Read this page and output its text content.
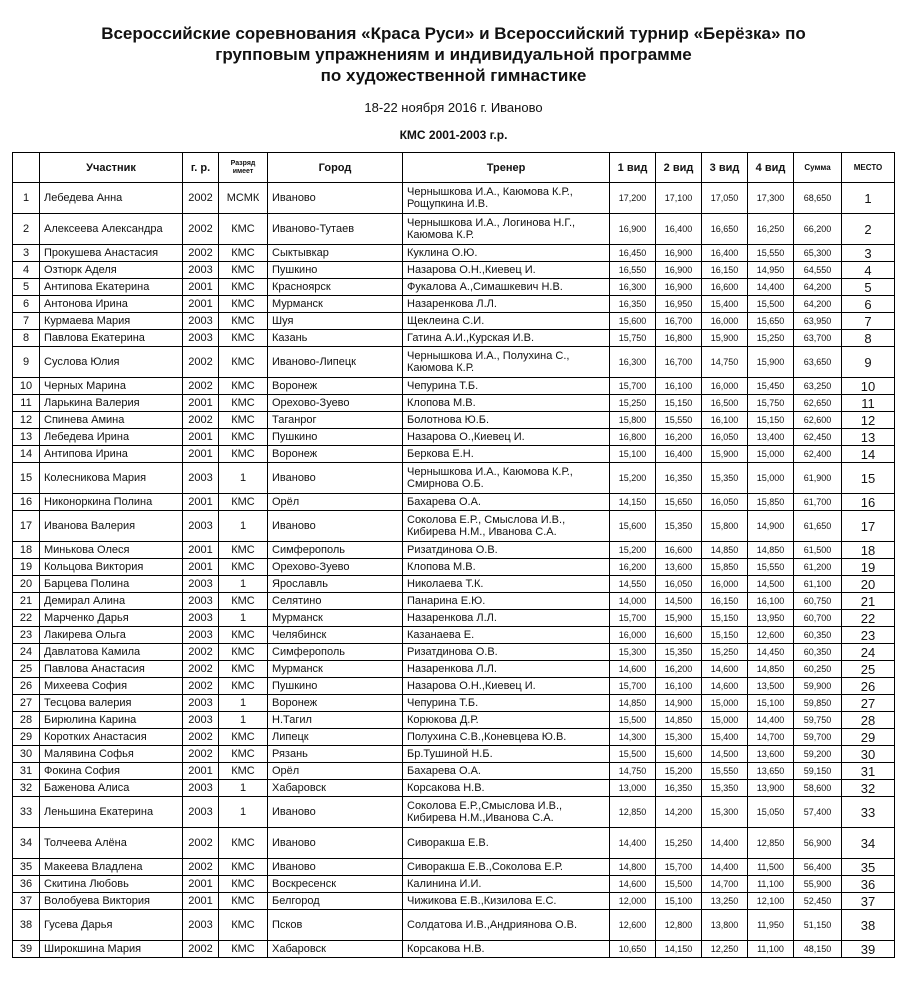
Всероссийские соревнования «Краса Руси» и Всероссийский турнир «Берёзка» по
групповым упражнениям и индивидуальной программе
по художественной гимнастике
18-22 ноября 2016 г. Иваново
КМС 2001-2003 г.р.
	Участник	г. р.	Разряд имеет	Город	Тренер	1 вид	2 вид	3 вид	4 вид	Сумма	МЕСТО
1	Лебедева Анна	2002	МСМК	Иваново	Чернышкова И.А., Каюмова К.Р., Рощупкина И.В.	17,200	17,100	17,050	17,300	68,650	1
2	Алексеева Александра	2002	КМС	Иваново-Тутаев	Чернышкова И.А., Логинова Н.Г., Каюмова К.Р.	16,900	16,400	16,650	16,250	66,200	2
3	Прокушева Анастасия	2002	КМС	Сыктывкар	Куклина О.Ю.	16,450	16,900	16,400	15,550	65,300	3
4	Озтюрк Аделя	2003	КМС	Пушкино	Назарова О.Н.,Киевец И.	16,550	16,900	16,150	14,950	64,550	4
5	Антипова Екатерина	2001	КМС	Красноярск	Фукалова А.,Симашкевич Н.В.	16,300	16,900	16,600	14,400	64,200	5
6	Антонова Ирина	2001	КМС	Мурманск	Назаренкова Л.Л.	16,350	16,950	15,400	15,500	64,200	6
7	Курмаева Мария	2003	КМС	Шуя	Щеклеина С.И.	15,600	16,700	16,000	15,650	63,950	7
8	Павлова Екатерина	2003	КМС	Казань	Гатина А.И.,Курская И.В.	15,750	16,800	15,900	15,250	63,700	8
9	Суслова Юлия	2002	КМС	Иваново-Липецк	Чернышкова И.А., Полухина С., Каюмова К.Р.	16,300	16,700	14,750	15,900	63,650	9
10	Черных Марина	2002	КМС	Воронеж	Чепурина Т.Б.	15,700	16,100	16,000	15,450	63,250	10
11	Ларькина Валерия	2001	КМС	Орехово-Зуево	Клопова М.В.	15,250	15,150	16,500	15,750	62,650	11
12	Спинева Амина	2002	КМС	Таганрог	Болотнова Ю.Б.	15,800	15,550	16,100	15,150	62,600	12
13	Лебедева Ирина	2001	КМС	Пушкино	Назарова О.,Киевец И.	16,800	16,200	16,050	13,400	62,450	13
14	Антипова Ирина	2001	КМС	Воронеж	Беркова Е.Н.	15,100	16,400	15,900	15,000	62,400	14
15	Колесникова Мария	2003	1	Иваново	Чернышкова И.А., Каюмова К.Р., Смирнова О.Б.	15,200	16,350	15,350	15,000	61,900	15
16	Никоноркина Полина	2001	КМС	Орёл	Бахарева О.А.	14,150	15,650	16,050	15,850	61,700	16
17	Иванова Валерия	2003	1	Иваново	Соколова Е.Р., Смыслова И.В., Кибирева Н.М., Иванова С.А.	15,600	15,350	15,800	14,900	61,650	17
18	Минькова Олеся	2001	КМС	Симферополь	Ризатдинова О.В.	15,200	16,600	14,850	14,850	61,500	18
19	Кольцова Виктория	2001	КМС	Орехово-Зуево	Клопова М.В.	16,200	13,600	15,850	15,550	61,200	19
20	Барцева Полина	2003	1	Ярославль	Николаева Т.К.	14,550	16,050	16,000	14,500	61,100	20
21	Демирал Алина	2003	КМС	Селятино	Панарина Е.Ю.	14,000	14,500	16,150	16,100	60,750	21
22	Марченко Дарья	2003	1	Мурманск	Назаренкова Л.Л.	15,700	15,900	15,150	13,950	60,700	22
23	Лакирева Ольга	2003	КМС	Челябинск	Казанаева Е.	16,000	16,600	15,150	12,600	60,350	23
24	Давлатова Камила	2002	КМС	Симферополь	Ризатдинова О.В.	15,300	15,350	15,250	14,450	60,350	24
25	Павлова Анастасия	2002	КМС	Мурманск	Назаренкова Л.Л.	14,600	16,200	14,600	14,850	60,250	25
26	Михеева София	2002	КМС	Пушкино	Назарова О.Н.,Киевец И.	15,700	16,100	14,600	13,500	59,900	26
27	Тесцова валерия	2003	1	Воронеж	Чепурина Т.Б.	14,850	14,900	15,000	15,100	59,850	27
28	Бирюлина Карина	2003	1	Н.Тагил	Корюкова Д.Р.	15,500	14,850	15,000	14,400	59,750	28
29	Коротких Анастасия	2002	КМС	Липецк	Полухина С.В.,Коневцева Ю.В.	14,300	15,300	15,400	14,700	59,700	29
30	Малявина Софья	2002	КМС	Рязань	Бр.Тушиной Н.Б.	15,500	15,600	14,500	13,600	59,200	30
31	Фокина София	2001	КМС	Орёл	Бахарева О.А.	14,750	15,200	15,550	13,650	59,150	31
32	Баженова Алиса	2003	1	Хабаровск	Корсакова Н.В.	13,000	16,350	15,350	13,900	58,600	32
33	Леньшина Екатерина	2003	1	Иваново	Соколова Е.Р.,Смыслова И.В., Кибирева Н.М.,Иванова С.А.	12,850	14,200	15,300	15,050	57,400	33
34	Толчеева Алёна	2002	КМС	Иваново	Сиворакша Е.В.	14,400	15,250	14,400	12,850	56,900	34
35	Макеева Владлена	2002	КМС	Иваново	Сиворакша Е.В.,Соколова Е.Р.	14,800	15,700	14,400	11,500	56,400	35
36	Скитина Любовь	2001	КМС	Воскресенск	Калинина И.И.	14,600	15,500	14,700	11,100	55,900	36
37	Волобуева Виктория	2001	КМС	Белгород	Чижикова Е.В.,Кизилова Е.С.	12,000	15,100	13,250	12,100	52,450	37
38	Гусева Дарья	2003	КМС	Псков	Солдатова И.В.,Андриянова О.В.	12,600	12,800	13,800	11,950	51,150	38
39	Широкшина Мария	2002	КМС	Хабаровск	Корсакова Н.В.	10,650	14,150	12,250	11,100	48,150	39
